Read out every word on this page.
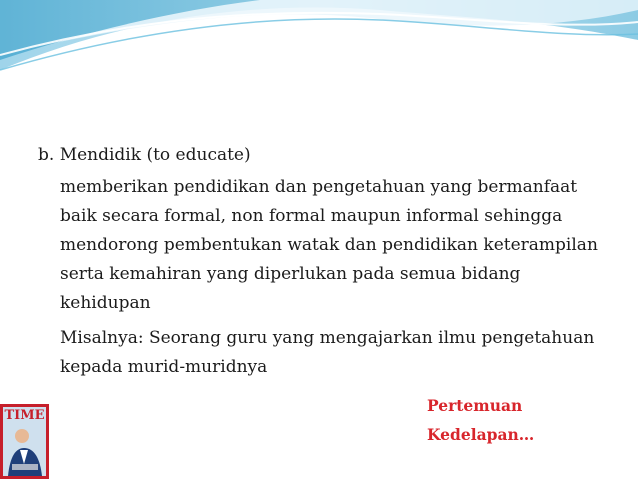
b. Mendidik (to educate)
memberikan pendidikan dan pengetahuan yang bermanfaat baik secara formal, non formal maupun informal sehingga mendorong pembentukan watak dan pendidikan keterampilan serta kemahiran yang diperlukan pada semua bidang kehidupan
Misalnya: Seorang guru yang mengajarkan ilmu pengetahuan kepada murid-muridnya
Pertemuan
Kedelapan…
TIME
